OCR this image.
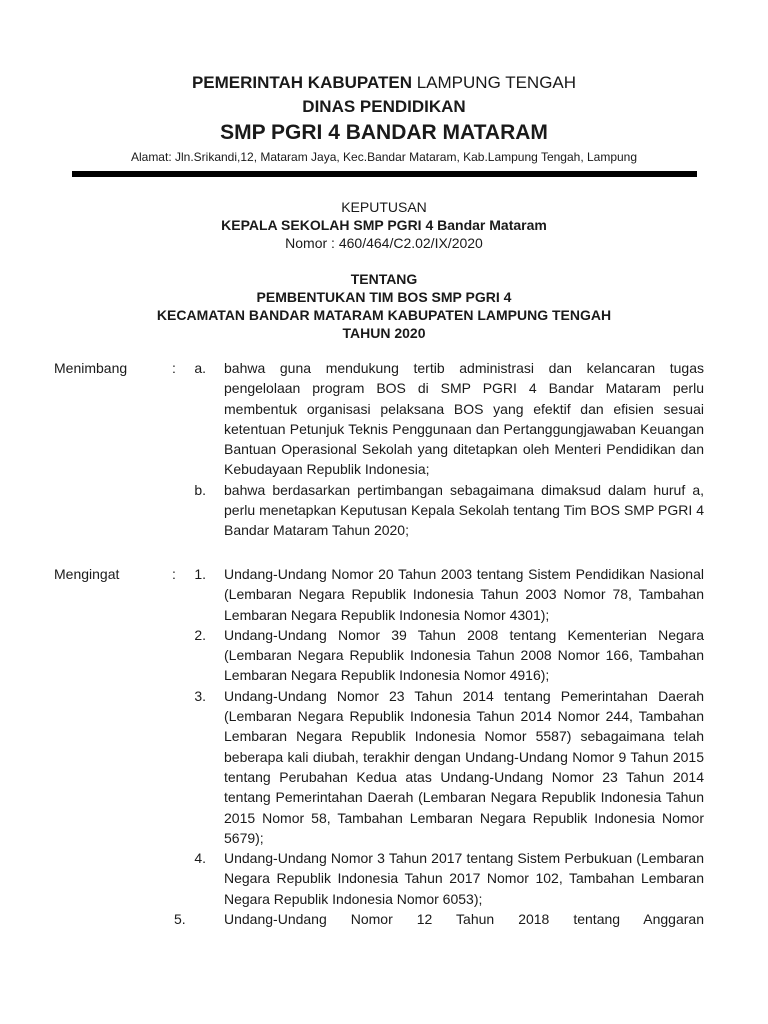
PEMERINTAH KABUPATEN LAMPUNG TENGAH
DINAS PENDIDIKAN
SMP PGRI 4 BANDAR MATARAM
Alamat: Jln.Srikandi,12, Mataram Jaya, Kec.Bandar Mataram, Kab.Lampung Tengah, Lampung
KEPUTUSAN
KEPALA SEKOLAH SMP PGRI 4 Bandar Mataram
Nomor : 460/464/C2.02/IX/2020
TENTANG
PEMBENTUKAN TIM BOS SMP PGRI 4
KECAMATAN BANDAR MATARAM KABUPATEN LAMPUNG TENGAH
TAHUN 2020
Menimbang	:	a. bahwa guna mendukung tertib administrasi dan kelancaran tugas pengelolaan program BOS di SMP PGRI 4 Bandar Mataram perlu membentuk organisasi pelaksana BOS yang efektif dan efisien sesuai ketentuan Petunjuk Teknis Penggunaan dan Pertanggungjawaban Keuangan Bantuan Operasional Sekolah yang ditetapkan oleh Menteri Pendidikan dan Kebudayaan Republik Indonesia;
b. bahwa berdasarkan pertimbangan sebagaimana dimaksud dalam huruf a, perlu menetapkan Keputusan Kepala Sekolah tentang Tim BOS SMP PGRI 4 Bandar Mataram Tahun 2020;
Mengingat	:	1. Undang-Undang Nomor 20 Tahun 2003 tentang Sistem Pendidikan Nasional (Lembaran Negara Republik Indonesia Tahun 2003 Nomor 78, Tambahan Lembaran Negara Republik Indonesia Nomor 4301);
2. Undang-Undang Nomor 39 Tahun 2008 tentang Kementerian Negara (Lembaran Negara Republik Indonesia Tahun 2008 Nomor 166, Tambahan Lembaran Negara Republik Indonesia Nomor 4916);
3. Undang-Undang Nomor 23 Tahun 2014 tentang Pemerintahan Daerah (Lembaran Negara Republik Indonesia Tahun 2014 Nomor 244, Tambahan Lembaran Negara Republik Indonesia Nomor 5587) sebagaimana telah beberapa kali diubah, terakhir dengan Undang-Undang Nomor 9 Tahun 2015 tentang Perubahan Kedua atas Undang-Undang Nomor 23 Tahun 2014 tentang Pemerintahan Daerah (Lembaran Negara Republik Indonesia Tahun 2015 Nomor 58, Tambahan Lembaran Negara Republik Indonesia Nomor 5679);
4. Undang-Undang Nomor 3 Tahun 2017 tentang Sistem Perbukuan (Lembaran Negara Republik Indonesia Tahun 2017 Nomor 102, Tambahan Lembaran Negara Republik Indonesia Nomor 6053);
5.	Undang-Undang Nomor 12 Tahun 2018 tentang Anggaran
